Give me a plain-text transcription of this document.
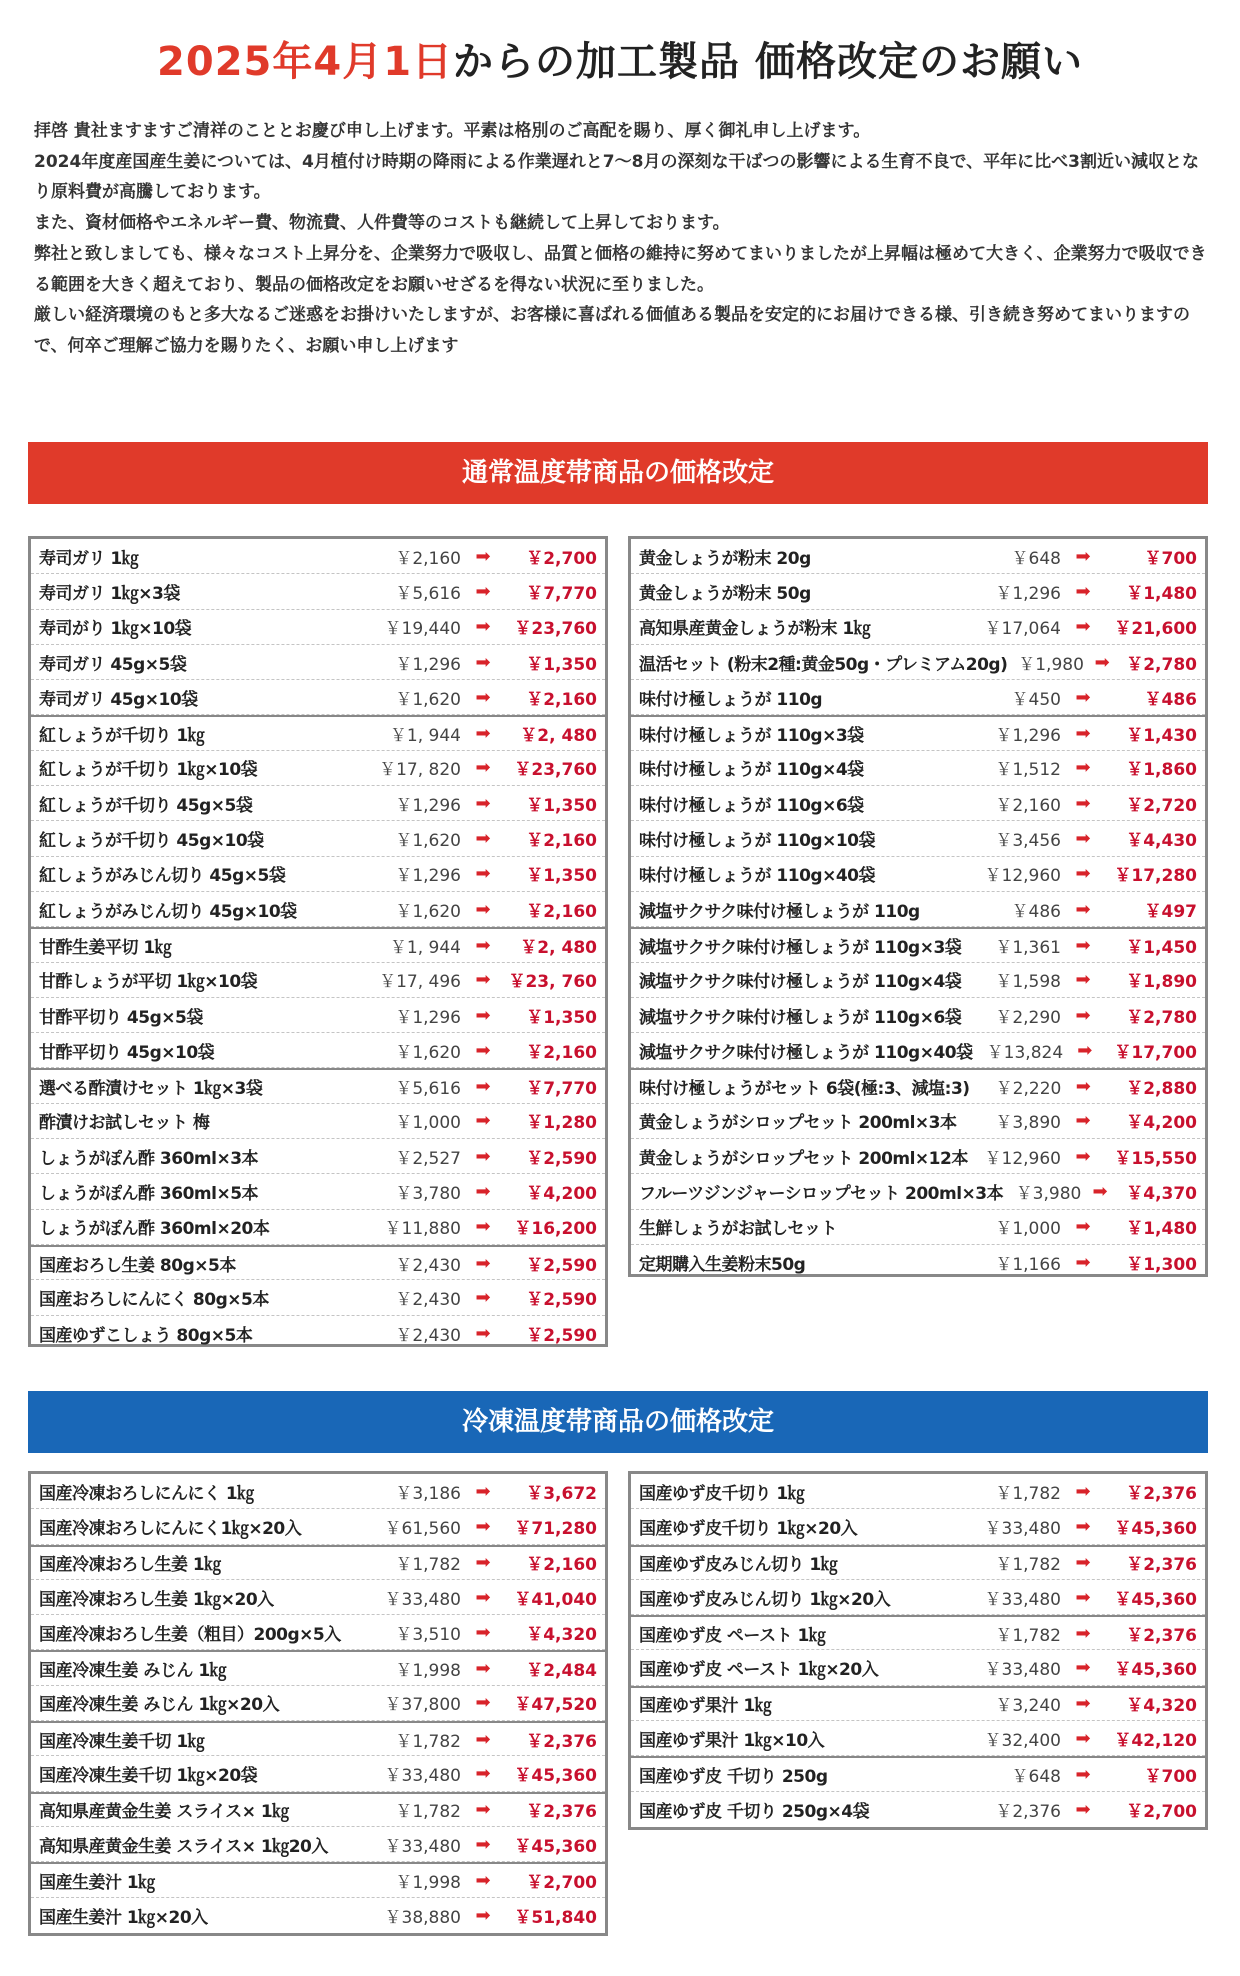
2025年4月1日からの加工製品 価格改定のお願い

拝啓 貴社ますますご清祥のこととお慶び申し上げます。平素は格別のご高配を賜り、厚く御礼申し上げます。

2024年度産国産生姜については、4月植付け時期の降雨による作業遅れと7～8月の深刻な干ばつの影響による生育不良で、平年に比べ3割近い減収となり原料費が高騰しております。

また、資材価格やエネルギー費、物流費、人件費等のコストも継続して上昇しております。

弊社と致しましても、様々なコスト上昇分を、企業努力で吸収し、品質と価格の維持に努めてまいりましたが上昇幅は極めて大きく、企業努力で吸収できる範囲を大きく超えており、製品の価格改定をお願いせざるを得ない状況に至りました。

厳しい経済環境のもと多大なるご迷惑をお掛けいたしますが、お客様に喜ばれる価値ある製品を安定的にお届けできる様、引き続き努めてまいりますので、何卒ご理解ご協力を賜りたく、お願い申し上げます

通常温度帯商品の価格改定
寿司ガリ 1㎏	￥2,160 ➡	￥2,700
寿司ガリ 1㎏×3袋	￥5,616 ➡	￥7,770
寿司がり 1㎏×10袋	￥19,440 ➡	￥23,760
寿司ガリ 45g×5袋	￥1,296 ➡	￥1,350
寿司ガリ 45g×10袋	￥1,620 ➡	￥2,160
紅しょうが千切り 1㎏	￥1, 944 ➡	￥2, 480
紅しょうが千切り 1㎏×10袋	￥17, 820 ➡	￥23,760
紅しょうが千切り 45g×5袋	￥1,296 ➡	￥1,350
紅しょうが千切り 45g×10袋	￥1,620 ➡	￥2,160
紅しょうがみじん切り 45g×5袋	￥1,296 ➡	￥1,350
紅しょうがみじん切り 45g×10袋	￥1,620 ➡	￥2,160
甘酢生姜平切 1㎏	￥1, 944 ➡	￥2, 480
甘酢しょうが平切 1㎏×10袋	￥17, 496 ➡	￥23, 760
甘酢平切り 45g×5袋	￥1,296 ➡	￥1,350
甘酢平切り 45g×10袋	￥1,620 ➡	￥2,160
選べる酢漬けセット 1㎏×3袋	￥5,616 ➡	￥7,770
酢漬けお試しセット 梅	￥1,000 ➡	￥1,280
しょうがぽん酢 360ml×3本	￥2,527 ➡	￥2,590
しょうがぽん酢 360ml×5本	￥3,780 ➡	￥4,200
しょうがぽん酢 360ml×20本	￥11,880 ➡	￥16,200
国産おろし生姜 80g×5本	￥2,430 ➡	￥2,590
国産おろしにんにく 80g×5本	￥2,430 ➡	￥2,590
国産ゆずこしょう 80g×5本	￥2,430 ➡	￥2,590
黄金しょうが粉末 20g	￥648 ➡	￥700
黄金しょうが粉末 50g	￥1,296 ➡	￥1,480
高知県産黄金しょうが粉末 1㎏	￥17,064 ➡	￥21,600
温活セット (粉末2種:黄金50g・プレミアム20g) ￥1,980 ➡ ￥2,780
味付け極しょうが 110g	￥450 ➡	￥486
味付け極しょうが 110g×3袋	￥1,296 ➡	￥1,430
味付け極しょうが 110g×4袋	￥1,512 ➡	￥1,860
味付け極しょうが 110g×6袋	￥2,160 ➡	￥2,720
味付け極しょうが 110g×10袋	￥3,456 ➡	￥4,430
味付け極しょうが 110g×40袋	￥12,960 ➡	￥17,280
減塩サクサク味付け極しょうが 110g	￥486 ➡	￥497
減塩サクサク味付け極しょうが 110g×3袋	￥1,361 ➡	￥1,450
減塩サクサク味付け極しょうが 110g×4袋	￥1,598 ➡	￥1,890
減塩サクサク味付け極しょうが 110g×6袋	￥2,290 ➡	￥2,780
減塩サクサク味付け極しょうが 110g×40袋 ￥13,824 ➡	￥17,700
味付け極しょうがセット 6袋(極:3、減塩:3)	￥2,220 ➡	￥2,880
黄金しょうがシロップセット 200ml×3本	￥3,890 ➡	￥4,200
黄金しょうがシロップセット 200ml×12本 ￥12,960 ➡	￥15,550
フルーツジンジャーシロップセット 200ml×3本 ￥3,980 ➡	￥4,370
生鮮しょうがお試しセット	￥1,000 ➡	￥1,480
定期購入生姜粉末50g	￥1,166 ➡	￥1,300
冷凍温度帯商品の価格改定
国産冷凍おろしにんにく 1㎏	￥3,186 ➡	￥3,672
国産冷凍おろしにんにく1㎏×20入	￥61,560 ➡	￥71,280
国産冷凍おろし生姜 1㎏	￥1,782 ➡	￥2,160
国産冷凍おろし生姜 1㎏×20入	￥33,480 ➡	￥41,040
国産冷凍おろし生姜（粗目）200g×5入	￥3,510 ➡	￥4,320
国産冷凍生姜 みじん 1㎏	￥1,998 ➡	￥2,484
国産冷凍生姜 みじん 1㎏×20入	￥37,800 ➡	￥47,520
国産冷凍生姜千切 1㎏	￥1,782 ➡	￥2,376
国産冷凍生姜千切 1㎏×20袋	￥33,480 ➡	￥45,360
高知県産黄金生姜 スライス× 1㎏	￥1,782 ➡	￥2,376
高知県産黄金生姜 スライス× 1㎏20入	￥33,480 ➡	￥45,360
国産生姜汁 1㎏	￥1,998 ➡	￥2,700
国産生姜汁 1㎏×20入	￥38,880 ➡	￥51,840
国産ゆず皮千切り 1㎏	￥1,782 ➡	￥2,376
国産ゆず皮千切り 1㎏×20入	￥33,480 ➡	￥45,360
国産ゆず皮みじん切り 1㎏	￥1,782 ➡	￥2,376
国産ゆず皮みじん切り 1㎏×20入	￥33,480 ➡	￥45,360
国産ゆず皮 ペースト 1㎏	￥1,782 ➡	￥2,376
国産ゆず皮 ペースト 1㎏×20入	￥33,480 ➡	￥45,360
国産ゆず果汁 1㎏	￥3,240 ➡	￥4,320
国産ゆず果汁 1㎏×10入	￥32,400 ➡	￥42,120
国産ゆず皮 千切り 250g	￥648 ➡	￥700
国産ゆず皮 千切り 250g×4袋	￥2,376 ➡	￥2,700
